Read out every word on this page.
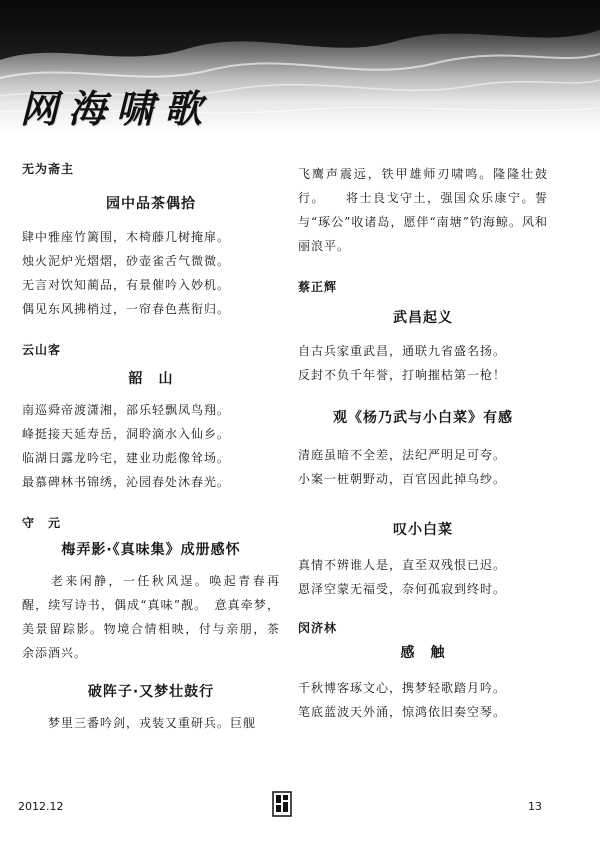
网海啸歌

无为斋主

园中品茶偶拾

肆中雅座竹篱围，木椅藤几树掩扉。

烛火泥炉光熠熠，砂壶雀舌气微微。

无言对饮知蔺品，有景催吟入妙机。

偶见东风拂梢过，一帘春色燕衔归。

云山客

韶　山

南巡舜帝渡潇湘，部乐轻飘凤鸟翔。

峰挺接天延寿岳，洞聆滴水入仙乡。

临湖日露龙吟宅，建业功彪像耸场。

最慕碑林书锦绣，沁园春处沐春光。

守　元

梅弄影·《真味集》成册感怀

　　老来闲静，一任秋风逞。唤起青春再醒，续写诗书，偶成“真味”靓。　意真牵梦，美景留踪影。物境合情相映，付与亲朋，茶余添酒兴。

破阵子·又梦壮鼓行

　　梦里三番吟剑，戎装又重研兵。巨舰

飞鹰声震远，铁甲雄师刃啸鸣。隆隆壮鼓行。　　将士良戈守土，强国众乐康宁。誓与“琢公”收诸岛，愿伴“南塘”钓海鲸。风和丽浪平。

蔡正辉

武昌起义

自古兵家重武昌，通联九省盛名扬。

反封不负千年誉，打响摧枯第一枪！

观《杨乃武与小白菜》有感

清庭虽暗不全差，法纪严明足可夸。

小案一桩朝野动，百官因此掉乌纱。

叹小白菜

真情不辨谁人是，直至双残恨已迟。

恩泽空蒙无福受，奈何孤寂到终时。

闵济林

感　触

千秋博客琢文心，携梦轻歌踏月吟。

笔底蓝波天外涌，惊鸿依旧奏空琴。

2012.12	13
